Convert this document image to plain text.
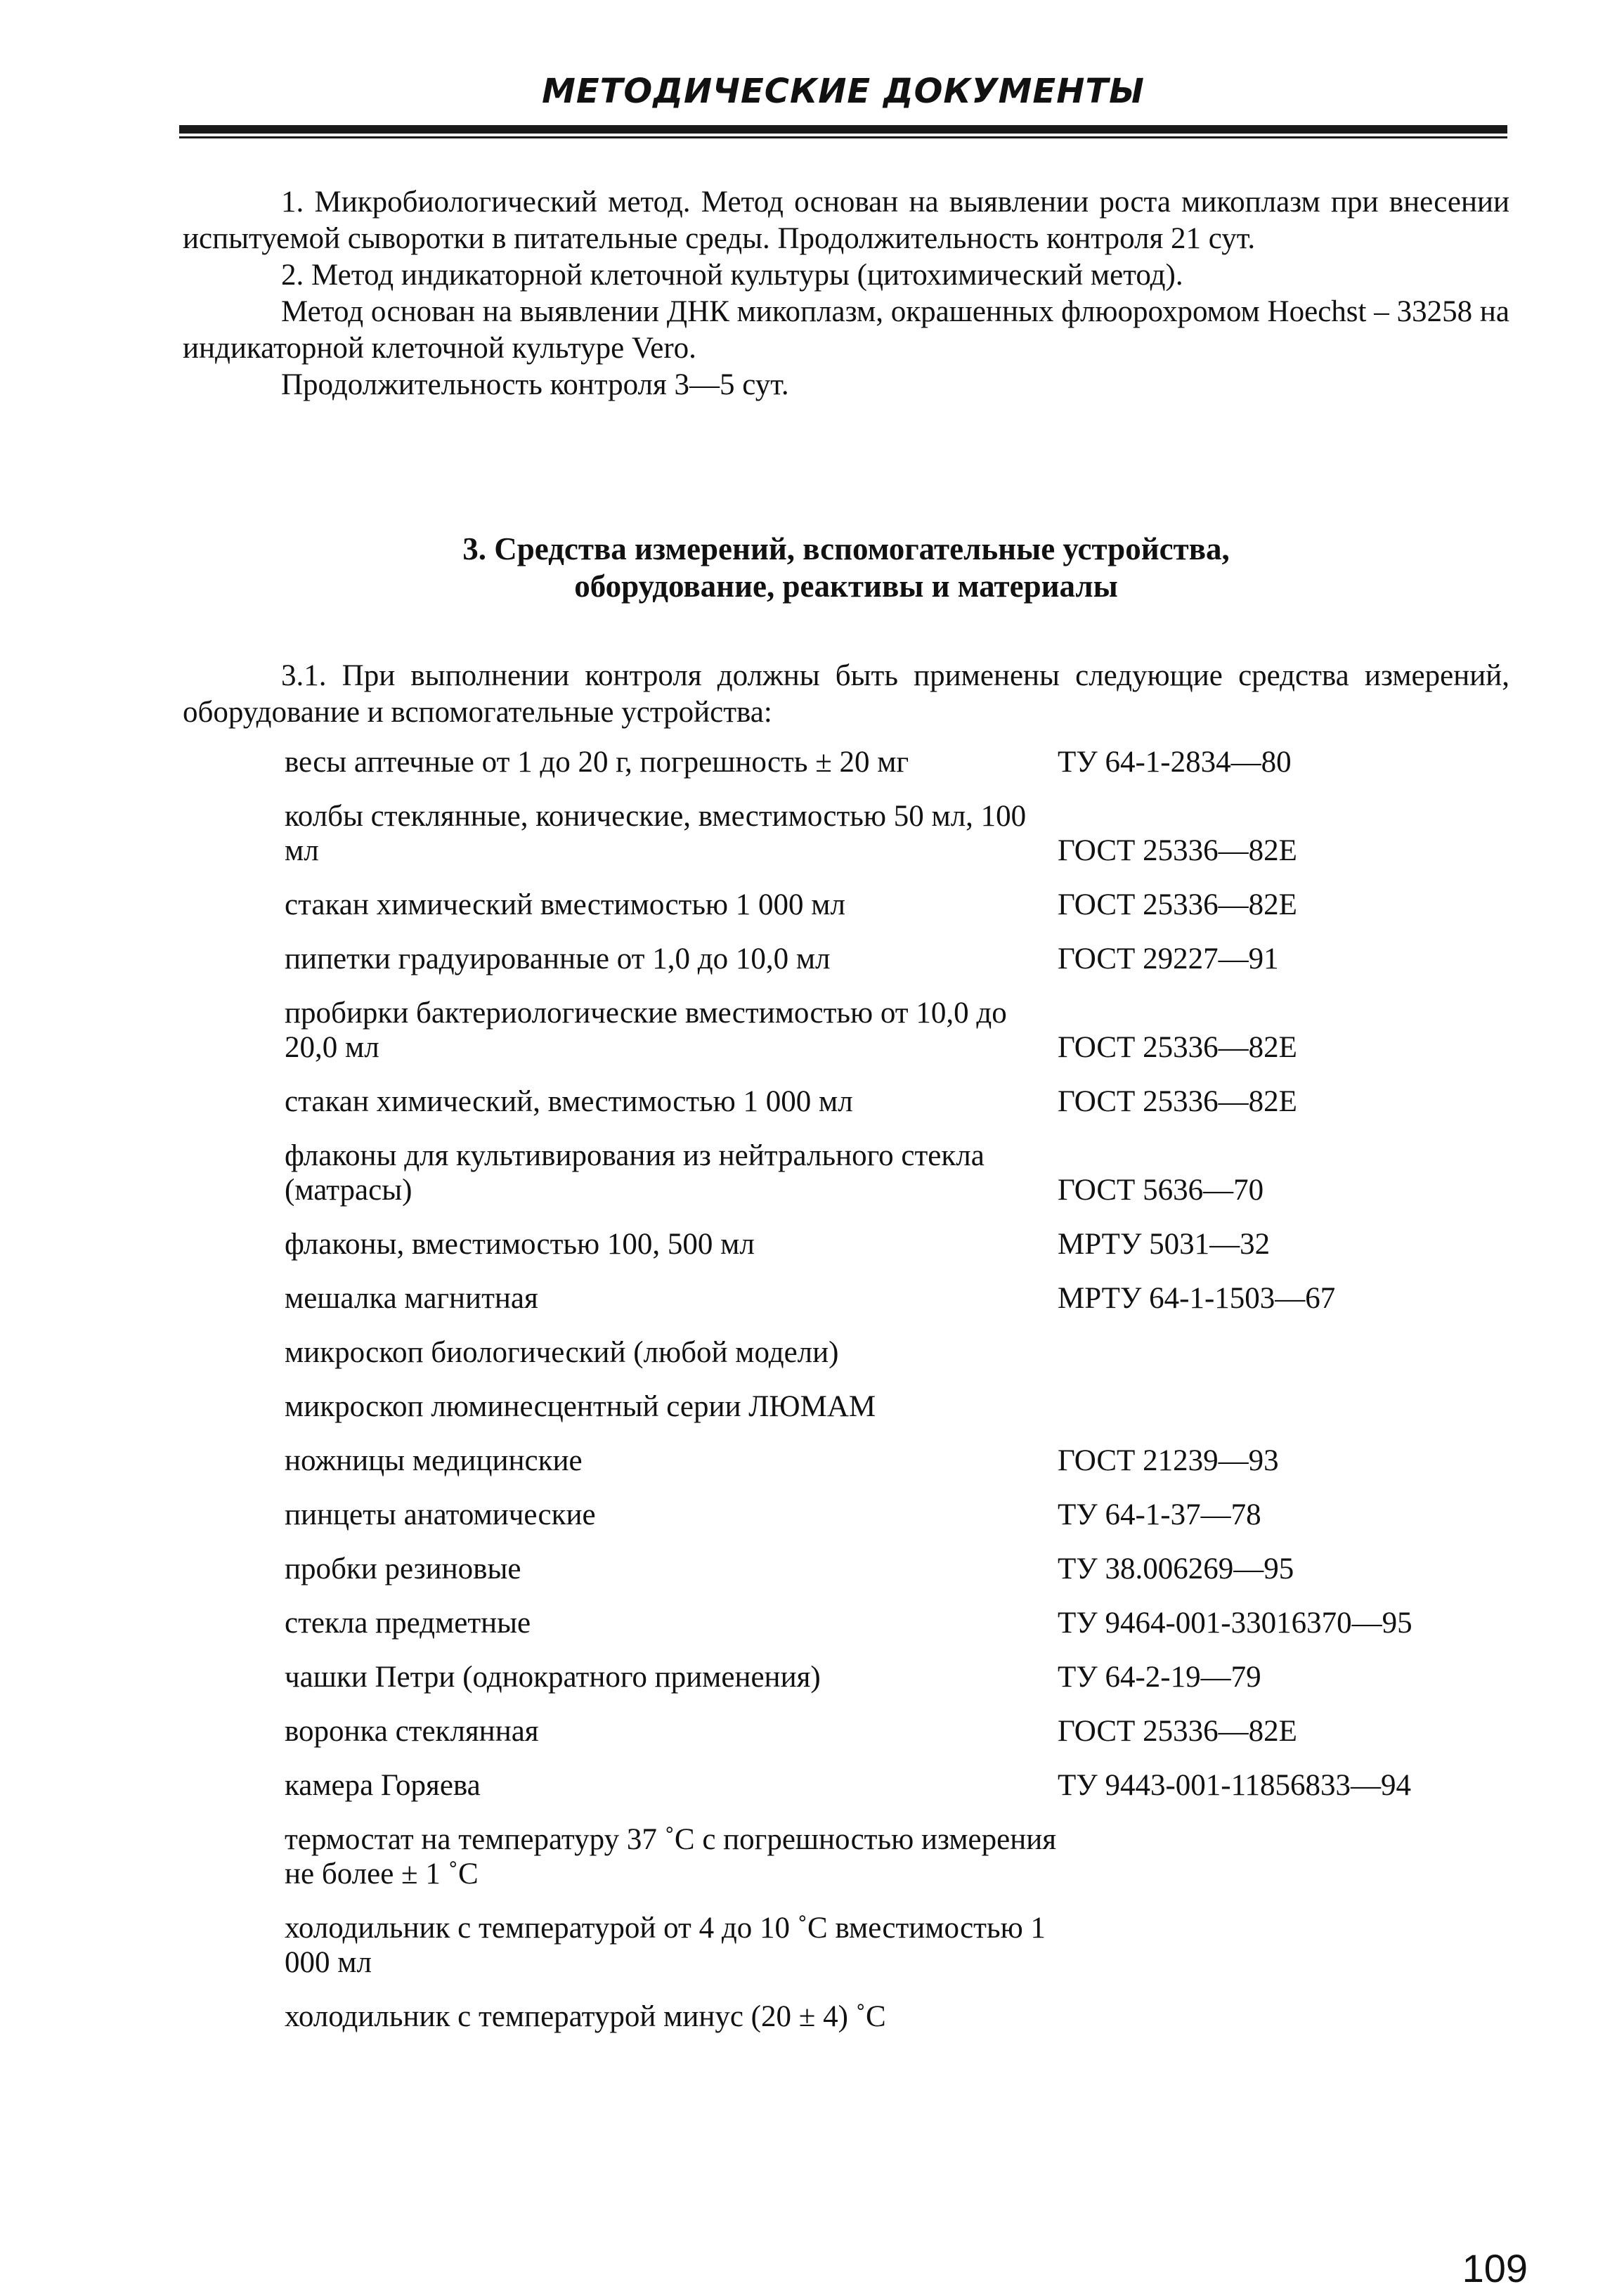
МЕТОДИЧЕСКИЕ ДОКУМЕНТЫ

1. Микробиологический метод. Метод основан на выявлении роста микоплазм при внесении испытуемой сыворотки в питательные среды. Продолжительность контроля 21 сут.

2. Метод индикаторной клеточной культуры (цитохимический метод).

Метод основан на выявлении ДНК микоплазм, окрашенных флюорохромом Hoechst – 33258 на индикаторной клеточной культуре Vero.

Продолжительность контроля 3—5 сут.

3. Средства измерений, вспомогательные устройства,
оборудование, реактивы и материалы

3.1. При выполнении контроля должны быть применены следующие средства измерений, оборудование и вспомогательные устройства:

весы аптечные от 1 до 20 г, погрешность ± 20 мг	ТУ 64-1-2834—80
колбы стеклянные, конические, вместимостью 50 мл, 100 мл	ГОСТ 25336—82Е
стакан химический вместимостью 1 000 мл	ГОСТ 25336—82Е
пипетки градуированные от 1,0 до 10,0 мл	ГОСТ 29227—91
пробирки бактериологические вместимостью от 10,0 до 20,0 мл	ГОСТ 25336—82Е
стакан химический, вместимостью 1 000 мл	ГОСТ 25336—82Е
флаконы для культивирования из нейтрального стекла (матрасы)	ГОСТ 5636—70
флаконы, вместимостью 100, 500 мл	МРТУ 5031—32
мешалка магнитная	МРТУ 64-1-1503—67
микроскоп биологический (любой модели)
микроскоп люминесцентный серии ЛЮМАМ
ножницы медицинские	ГОСТ 21239—93
пинцеты анатомические	ТУ 64-1-37—78
пробки резиновые	ТУ 38.006269—95
стекла предметные	ТУ 9464-001-33016370—95
чашки Петри (однократного применения)	ТУ 64-2-19—79
воронка стеклянная	ГОСТ 25336—82Е
камера Горяева	ТУ 9443-001-11856833—94
термостат на температуру 37 ˚С с погрешностью измерения не более ± 1 ˚С
холодильник с температурой от 4 до 10 ˚С вместимостью 1 000 мл
холодильник с температурой минус (20 ± 4) ˚С
109
